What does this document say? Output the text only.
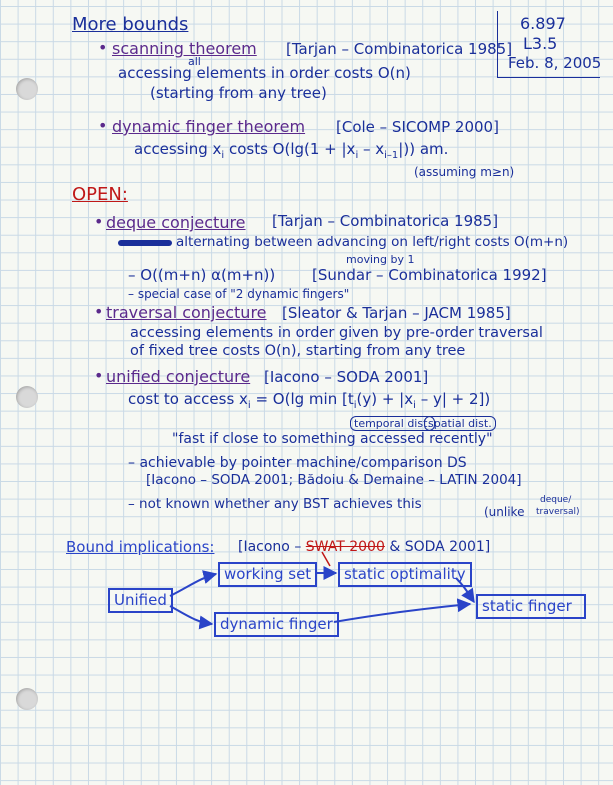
More bounds	6.897
L3.5
Feb. 8, 2005
• scanning theorem [Tarjan – Combinatorica 1985]
all
accessing elements in order costs O(n)
(starting from any tree)
• dynamic finger theorem [Cole – SICOMP 2000]
accessing $x_i$ costs $O(\lg(1 + |x_i - x_{i-1}|))$ am.
(assuming m≥n)
OPEN:
• deque conjecture [Tarjan – Combinatorica 1985]
alternating between advancing on left/right costs O(m+n)
moving by 1
– O((m+n) α(m+n)) [Sundar – Combinatorica 1992]
– special case of "2 dynamic fingers"
• traversal conjecture [Sleator & Tarjan – JACM 1985]
accessing elements in order given by pre-order traversal
of fixed tree costs O(n), starting from any tree
• unified conjecture [Iacono – SODA 2001]
cost to access $x_i = O(\lg$ $\min [t_i(y) + |x_i - y| + 2]$)
temporal dist.
spatial dist.
"fast if close to something accessed recently"
– achievable by pointer machine/comparison DS
[Iacono – SODA 2001; Bădoiu & Demaine – LATIN 2004]
– not known whether any BST achieves this	(unlike
deque/
traversal)
Bound implications: [Iacono – SWAT 2000 & SODA 2001]
Unified
working set	static optimality
dynamic finger
static finger
